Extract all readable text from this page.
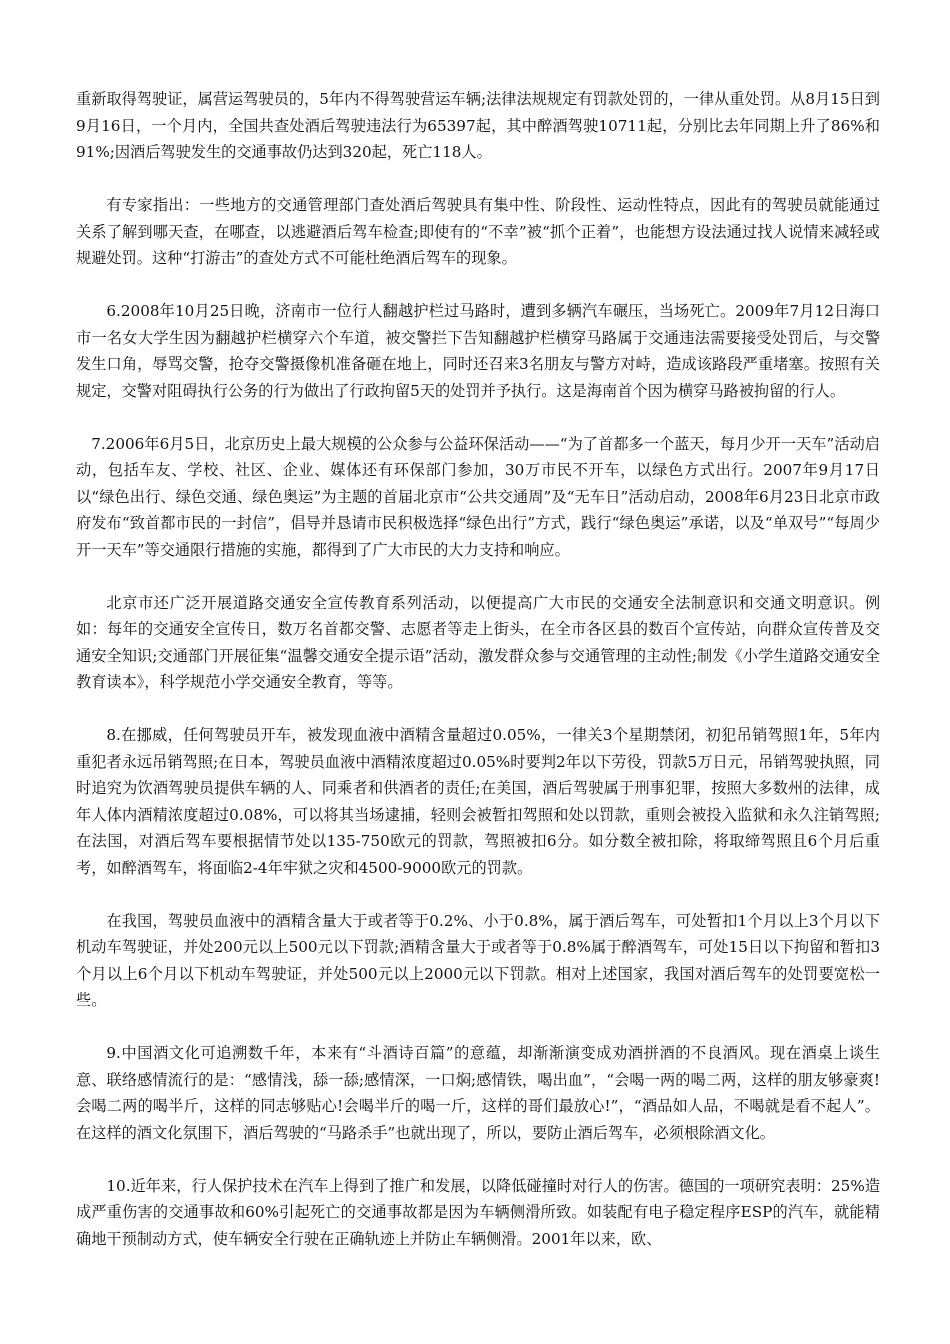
重新取得驾驶证，属营运驾驶员的，5年内不得驾驶营运车辆;法律法规规定有罚款处罚的，一律从重处罚。从8月15日到9月16日，一个月内，全国共查处酒后驾驶违法行为65397起，其中醉酒驾驶10711起，分别比去年同期上升了86%和91%;因酒后驾驶发生的交通事故仍达到320起，死亡118人。

有专家指出：一些地方的交通管理部门查处酒后驾驶具有集中性、阶段性、运动性特点，因此有的驾驶员就能通过关系了解到哪天查，在哪查，以逃避酒后驾车检查;即使有的“不幸”被“抓个正着”，也能想方设法通过找人说情来减轻或规避处罚。这种“打游击”的查处方式不可能杜绝酒后驾车的现象。

6.2008年10月25日晚，济南市一位行人翻越护栏过马路时，遭到多辆汽车碾压，当场死亡。2009年7月12日海口市一名女大学生因为翻越护栏横穿六个车道，被交警拦下告知翻越护栏横穿马路属于交通违法需要接受处罚后，与交警发生口角，辱骂交警，抢夺交警摄像机准备砸在地上，同时还召来3名朋友与警方对峙，造成该路段严重堵塞。按照有关规定，交警对阻碍执行公务的行为做出了行政拘留5天的处罚并予执行。这是海南首个因为横穿马路被拘留的行人。

7.2006年6月5日，北京历史上最大规模的公众参与公益环保活动——“为了首都多一个蓝天，每月少开一天车”活动启动，包括车友、学校、社区、企业、媒体还有环保部门参加，30万市民不开车，以绿色方式出行。2007年9月17日以“绿色出行、绿色交通、绿色奥运”为主题的首届北京市“公共交通周”及“无车日”活动启动，2008年6月23日北京市政府发布“致首都市民的一封信”，倡导并恳请市民积极选择“绿色出行”方式，践行“绿色奥运”承诺，以及“单双号”“每周少开一天车”等交通限行措施的实施，都得到了广大市民的大力支持和响应。

北京市还广泛开展道路交通安全宣传教育系列活动，以便提高广大市民的交通安全法制意识和交通文明意识。例如：每年的交通安全宣传日，数万名首都交警、志愿者等走上街头，在全市各区县的数百个宣传站，向群众宣传普及交通安全知识;交通部门开展征集“温馨交通安全提示语”活动，激发群众参与交通管理的主动性;制发《小学生道路交通安全教育读本》，科学规范小学交通安全教育，等等。

8.在挪威，任何驾驶员开车，被发现血液中酒精含量超过0.05%，一律关3个星期禁闭，初犯吊销驾照1年，5年内重犯者永远吊销驾照;在日本，驾驶员血液中酒精浓度超过0.05%时要判2年以下劳役，罚款5万日元，吊销驾驶执照，同时追究为饮酒驾驶员提供车辆的人、同乘者和供酒者的责任;在美国，酒后驾驶属于刑事犯罪，按照大多数州的法律，成年人体内酒精浓度超过0.08%，可以将其当场逮捕，轻则会被暂扣驾照和处以罚款，重则会被投入监狱和永久注销驾照;在法国，对酒后驾车要根据情节处以135-750欧元的罚款，驾照被扣6分。如分数全被扣除，将取缔驾照且6个月后重考，如醉酒驾车，将面临2-4年牢狱之灾和4500-9000欧元的罚款。

在我国，驾驶员血液中的酒精含量大于或者等于0.2%、小于0.8%，属于酒后驾车，可处暂扣1个月以上3个月以下机动车驾驶证，并处200元以上500元以下罚款;酒精含量大于或者等于0.8%属于醉酒驾车，可处15日以下拘留和暂扣3个月以上6个月以下机动车驾驶证，并处500元以上2000元以下罚款。相对上述国家，我国对酒后驾车的处罚要宽松一些。

9.中国酒文化可追溯数千年，本来有“斗酒诗百篇”的意蕴，却渐渐演变成劝酒拼酒的不良酒风。现在酒桌上谈生意、联络感情流行的是：“感情浅，舔一舔;感情深，一口焖;感情铁，喝出血”，“会喝一两的喝二两，这样的朋友够豪爽!会喝二两的喝半斤，这样的同志够贴心!会喝半斤的喝一斤，这样的哥们最放心!”，“酒品如人品，不喝就是看不起人”。在这样的酒文化氛围下，酒后驾驶的“马路杀手”也就出现了，所以，要防止酒后驾车，必须根除酒文化。

10.近年来，行人保护技术在汽车上得到了推广和发展，以降低碰撞时对行人的伤害。德国的一项研究表明：25%造成严重伤害的交通事故和60%引起死亡的交通事故都是因为车辆侧滑所致。如装配有电子稳定程序ESP的汽车，就能精确地干预制动方式，使车辆安全行驶在正确轨迹上并防止车辆侧滑。2001年以来，欧、
